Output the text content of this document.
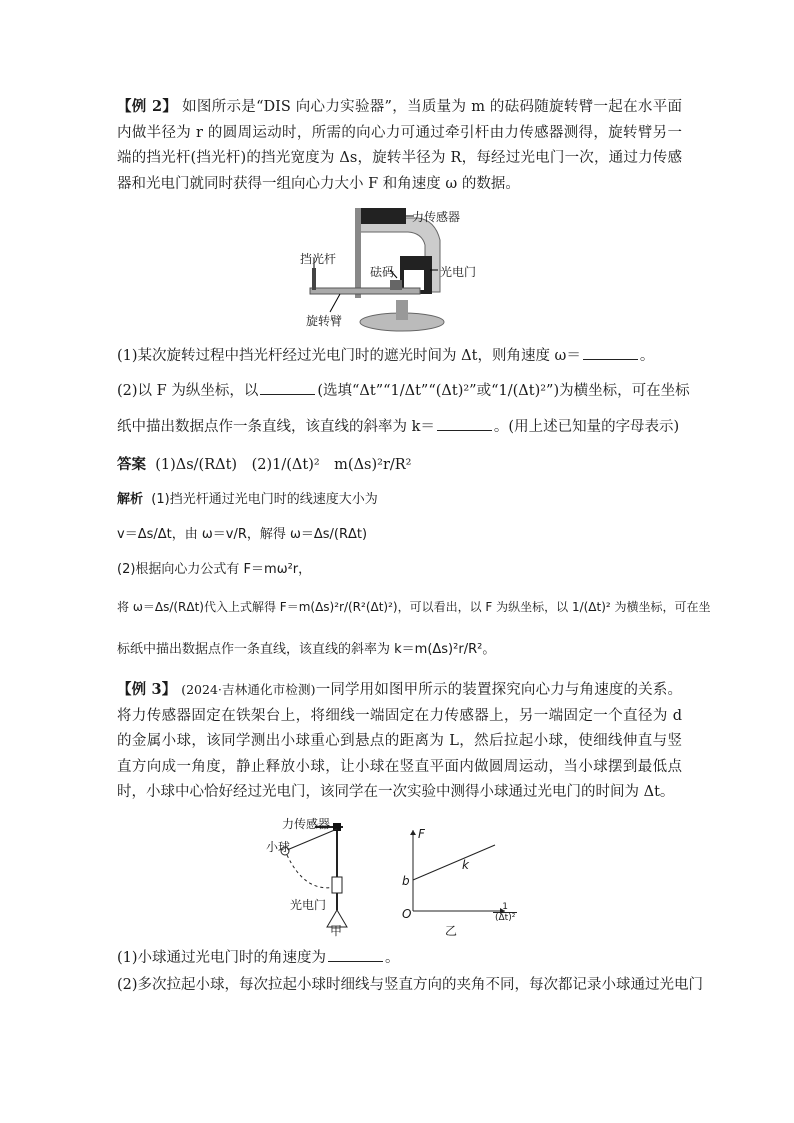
【例 2】 如图所示是“DIS 向心力实验器”，当质量为 m 的砝码随旋转臂一起在水平面内做半径为 r 的圆周运动时，所需的向心力可通过牵引杆由力传感器测得，旋转臂另一端的挡光杆(挡光杆)的挡光宽度为 Δs，旋转半径为 R，每经过光电门一次，通过力传感器和光电门就同时获得一组向心力大小 F 和角速度 ω 的数据。
力传感器
挡光杆
砝码	光电门
旋转臂
(1)某次旋转过程中挡光杆经过光电门时的遮光时间为 Δt，则角速度 ω＝	。
(2)以 F 为纵坐标，以	(选填“Δt”“1/Δt”“(Δt)²”或“1/(Δt)²”)为横坐标，可在坐标
纸中描出数据点作一条直线，该直线的斜率为 k＝	。(用上述已知量的字母表示)
答案 (1)Δs/(RΔt)　(2)1/(Δt)²　m(Δs)²r/R²
解析 (1)挡光杆通过光电门时的线速度大小为
v＝Δs/Δt，由 ω＝v/R，解得 ω＝Δs/(RΔt)
(2)根据向心力公式有 F＝mω²r，
将 ω＝Δs/(RΔt)代入上式解得 F＝m(Δs)²r/(R²(Δt)²)，可以看出，以 F 为纵坐标，以 1/(Δt)² 为横坐标，可在坐
标纸中描出数据点作一条直线，该直线的斜率为 k＝m(Δs)²r/R²。
【例 3】 (2024·吉林通化市检测)一同学用如图甲所示的装置探究向心力与角速度的关系。将力传感器固定在铁架台上，将细线一端固定在力传感器上，另一端固定一个直径为 d 的金属小球，该同学测出小球重心到悬点的距离为 L，然后拉起小球，使细线伸直与竖直方向成一角度，静止释放小球，让小球在竖直平面内做圆周运动，当小球摆到最低点时，小球中心恰好经过光电门，该同学在一次实验中测得小球通过光电门的时间为 Δt。
力传感器
小球
光电门
甲
F
b
k
O	$\frac{1}{\text{(Δt)²}}$
乙
(1)小球通过光电门时的角速度为	。
(2)多次拉起小球，每次拉起小球时细线与竖直方向的夹角不同，每次都记录小球通过光电门
